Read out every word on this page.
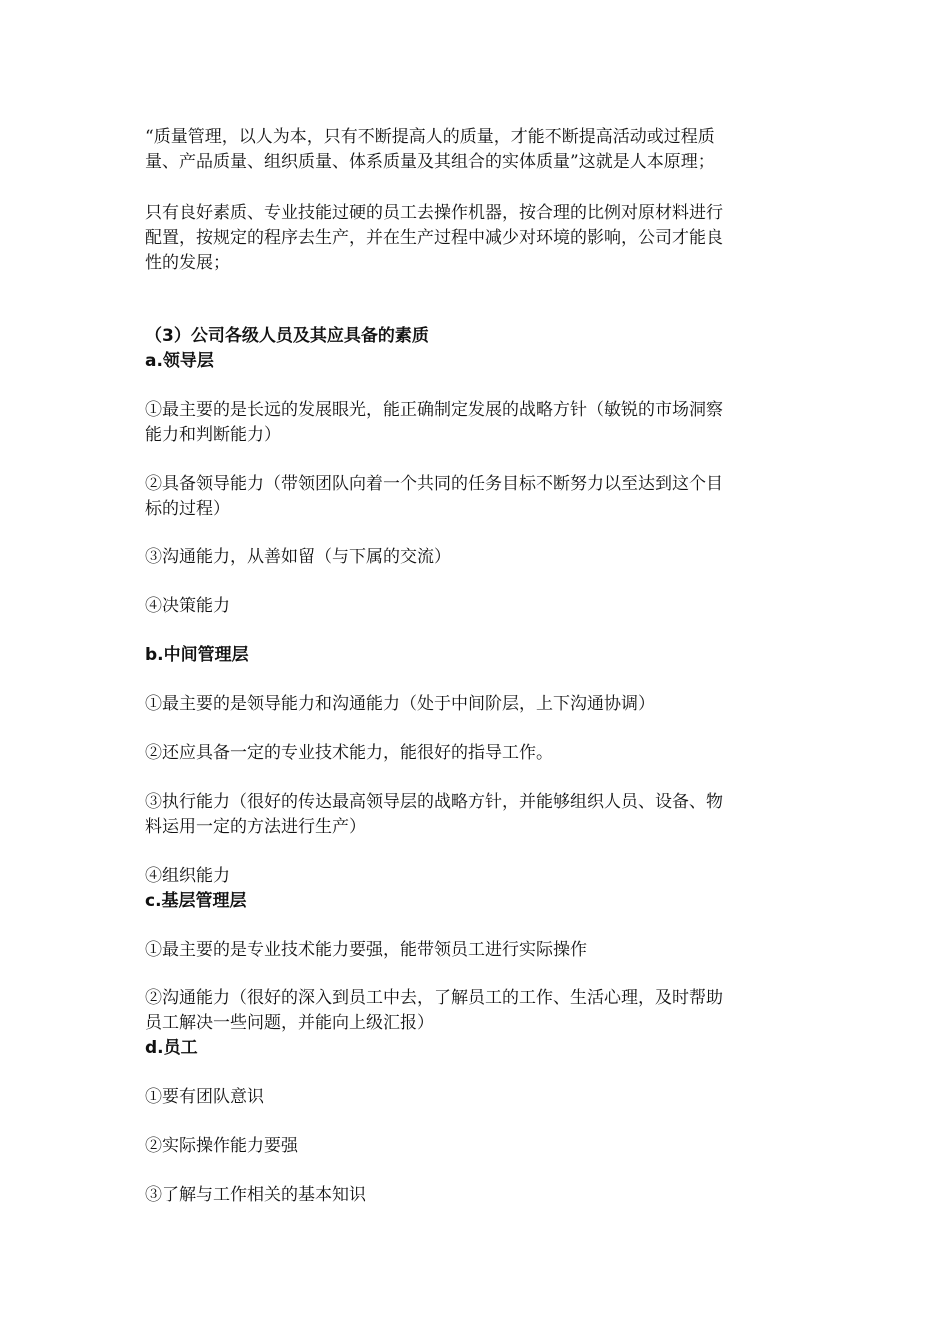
“质量管理，以人为本，只有不断提高人的质量，才能不断提高活动或过程质
量、产品质量、组织质量、体系质量及其组合的实体质量”这就是人本原理；
只有良好素质、专业技能过硬的员工去操作机器，按合理的比例对原材料进行
配置，按规定的程序去生产，并在生产过程中减少对环境的影响，公司才能良
性的发展；
（3）公司各级人员及其应具备的素质
a.领导层
①最主要的是长远的发展眼光，能正确制定发展的战略方针（敏锐的市场洞察
能力和判断能力）
②具备领导能力（带领团队向着一个共同的任务目标不断努力以至达到这个目
标的过程）
③沟通能力，从善如留（与下属的交流）
④决策能力
b.中间管理层
①最主要的是领导能力和沟通能力（处于中间阶层，上下沟通协调）
②还应具备一定的专业技术能力，能很好的指导工作。
③执行能力（很好的传达最高领导层的战略方针，并能够组织人员、设备、物
料运用一定的方法进行生产）
④组织能力
c.基层管理层
①最主要的是专业技术能力要强，能带领员工进行实际操作
②沟通能力（很好的深入到员工中去，了解员工的工作、生活心理，及时帮助
员工解决一些问题，并能向上级汇报）
d.员工
①要有团队意识
②实际操作能力要强
③了解与工作相关的基本知识
